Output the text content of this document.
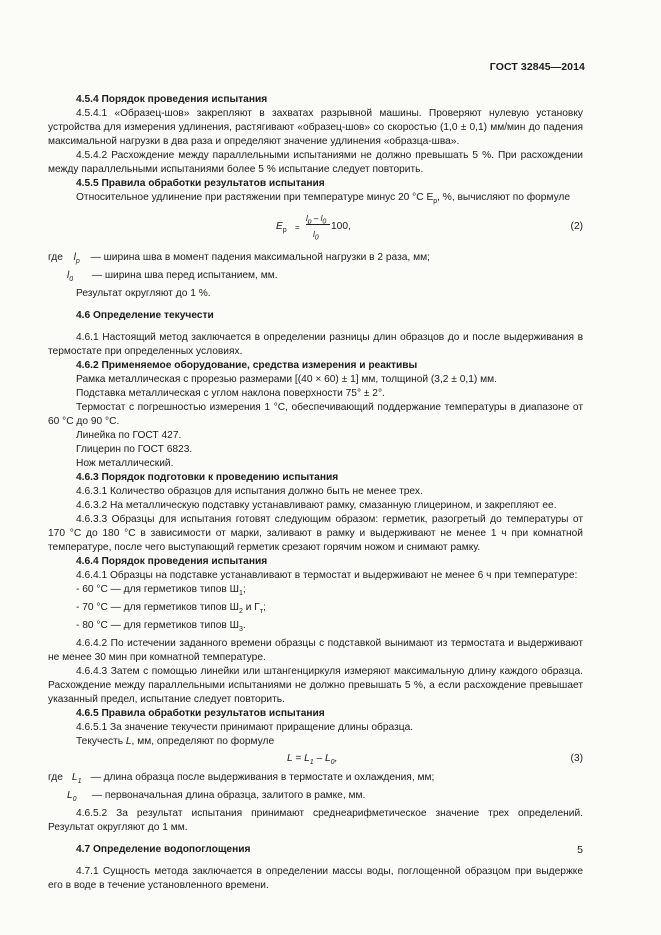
ГОСТ 32845—2014

4.5.4 Порядок проведения испытания

4.5.4.1 «Образец-шов» закрепляют в захватах разрывной машины. Проверяют нулевую установку устройства для измерения удлинения, растягивают «образец-шов» со скоростью (1,0 ± 0,1) мм/мин до падения максимальной нагрузки в два раза и определяют значение удлинения «образца-шва».

4.5.4.2 Расхождение между параллельными испытаниями не должно превышать 5 %. При расхождении между параллельными испытаниями более 5 % испытание следует повторить.

4.5.5 Правила обработки результатов испытания

Относительное удлинение при растяжении при температуре минус 20 °С $E_р$, %, вычисляют по формуле

$E_р$ =
$l_р - l_0$
$l_0$
100,	(2)

где $l_р$ — ширина шва в момент падения максимальной нагрузки в 2 раза, мм;

$l_0$ — ширина шва перед испытанием, мм.

Результат округляют до 1 %.

4.6 Определение текучести

4.6.1 Настоящий метод заключается в определении разницы длин образцов до и после выдерживания в термостате при определенных условиях.

4.6.2 Применяемое оборудование, средства измерения и реактивы

Рамка металлическая с прорезью размерами [(40 × 60) ± 1] мм, толщиной (3,2 ± 0,1) мм.

Подставка металлическая с углом наклона поверхности 75° ± 2°.

Термостат с погрешностью измерения 1 °С, обеспечивающий поддержание температуры в диапазоне от 60 °С до 90 °С.

Линейка по ГОСТ 427.

Глицерин по ГОСТ 6823.

Нож металлический.

4.6.3 Порядок подготовки к проведению испытания

4.6.3.1 Количество образцов для испытания должно быть не менее трех.

4.6.3.2 На металлическую подставку устанавливают рамку, смазанную глицерином, и закрепляют ее.

4.6.3.3 Образцы для испытания готовят следующим образом: герметик, разогретый до температуры от 170 °С до 180 °С в зависимости от марки, заливают в рамку и выдерживают не менее 1 ч при комнатной температуре, после чего выступающий герметик срезают горячим ножом и снимают рамку.

4.6.4 Порядок проведения испытания

4.6.4.1 Образцы на подставке устанавливают в термостат и выдерживают не менее 6 ч при температуре:

- 60 °С — для герметиков типов $Ш_1$;

- 70 °С — для герметиков типов $Ш_2$ и $Г_т$;

- 80 °С — для герметиков типов $Ш_3$.

4.6.4.2 По истечении заданного времени образцы с подставкой вынимают из термостата и выдерживают не менее 30 мин при комнатной температуре.

4.6.4.3 Затем с помощью линейки или штангенциркуля измеряют максимальную длину каждого образца. Расхождение между параллельными испытаниями не должно превышать 5 %, а если расхождение превышает указанный предел, испытание следует повторить.

4.6.5 Правила обработки результатов испытания

4.6.5.1 За значение текучести принимают приращение длины образца.

Текучесть L, мм, определяют по формуле

$L = L_1 - L_0$,	(3)

где $L_1$ — длина образца после выдерживания в термостате и охлаждения, мм;

$L_0$ — первоначальная длина образца, залитого в рамке, мм.

4.6.5.2 За результат испытания принимают среднеарифметическое значение трех определений. Результат округляют до 1 мм.

4.7 Определение водопоглощения

4.7.1 Сущность метода заключается в определении массы воды, поглощенной образцом при выдержке его в воде в течение установленного времени.

5
